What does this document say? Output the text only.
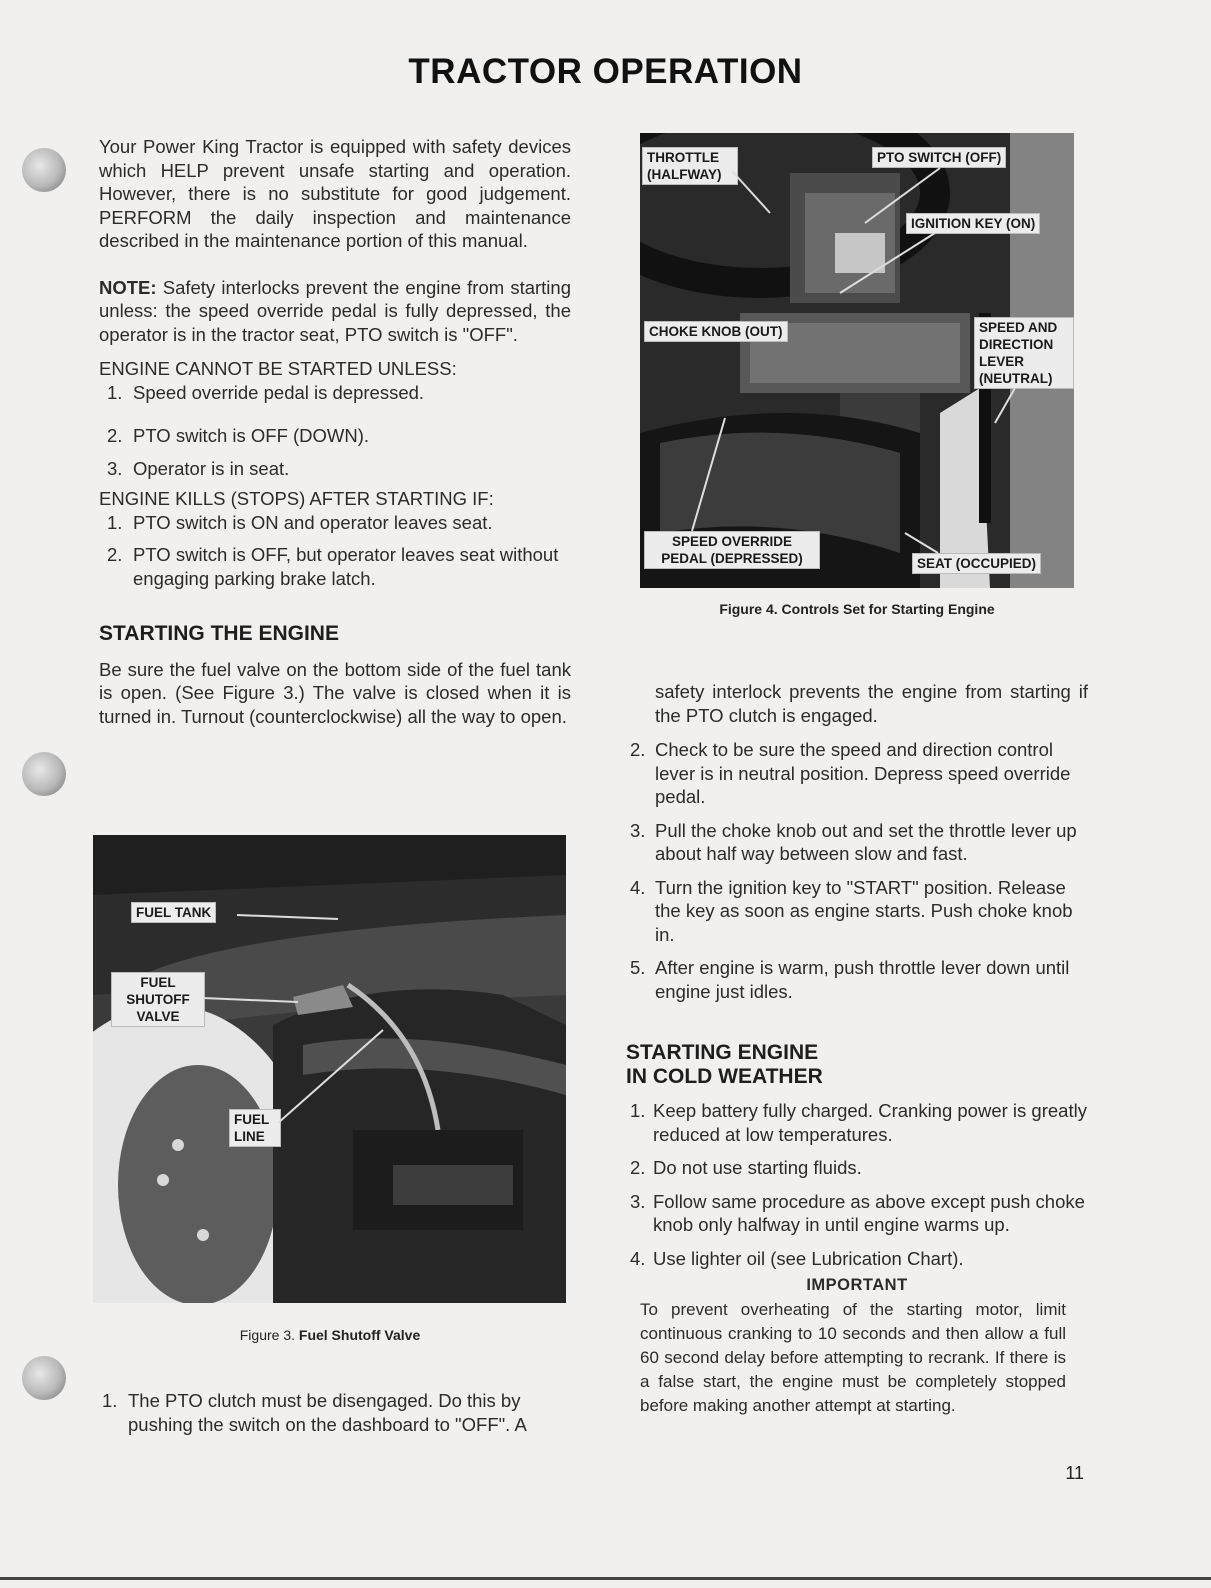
TRACTOR OPERATION

Your Power King Tractor is equipped with safety devices which HELP prevent unsafe starting and operation. However, there is no substitute for good judgement. PERFORM the daily inspection and maintenance described in the maintenance portion of this manual.

NOTE: Safety interlocks prevent the engine from starting unless: the speed override pedal is fully depressed, the operator is in the tractor seat, PTO switch is "OFF".

ENGINE CANNOT BE STARTED UNLESS:

1. Speed override pedal is depressed.
2. PTO switch is OFF (DOWN).
3. Operator is in seat.

ENGINE KILLS (STOPS) AFTER STARTING IF:

1. PTO switch is ON and operator leaves seat.
2. PTO switch is OFF, but operator leaves seat without engaging parking brake latch.

STARTING THE ENGINE

Be sure the fuel valve on the bottom side of the fuel tank is open. (See Figure 3.) The valve is closed when it is turned in. Turnout (counterclockwise) all the way to open.

FUEL TANK
FUEL SHUTOFF VALVE
FUEL LINE
Figure 3. Fuel Shutoff Valve
1. The PTO clutch must be disengaged. Do this by pushing the switch on the dashboard to "OFF". A
THROTTLE (HALFWAY)
PTO SWITCH (OFF)
IGNITION KEY (ON)
CHOKE KNOB (OUT)	SPEED AND DIRECTION LEVER (NEUTRAL)
SPEED OVERRIDE PEDAL (DEPRESSED)	SEAT (OCCUPIED)
Figure 4. Controls Set for Starting Engine

safety interlock prevents the engine from starting if the PTO clutch is engaged.

2. Check to be sure the speed and direction control lever is in neutral position. Depress speed override pedal.
3. Pull the choke knob out and set the throttle lever up about half way between slow and fast.
4. Turn the ignition key to "START" position. Release the key as soon as engine starts. Push choke knob in.
5. After engine is warm, push throttle lever down until engine just idles.

STARTING ENGINE
IN COLD WEATHER

1. Keep battery fully charged. Cranking power is greatly reduced at low temperatures.
2. Do not use starting fluids.
3. Follow same procedure as above except push choke knob only halfway in until engine warms up.
4. Use lighter oil (see Lubrication Chart).

IMPORTANT

To prevent overheating of the starting motor, limit continuous cranking to 10 seconds and then allow a full 60 second delay before attempting to recrank. If there is a false start, the engine must be completely stopped before making another attempt at starting.

11
